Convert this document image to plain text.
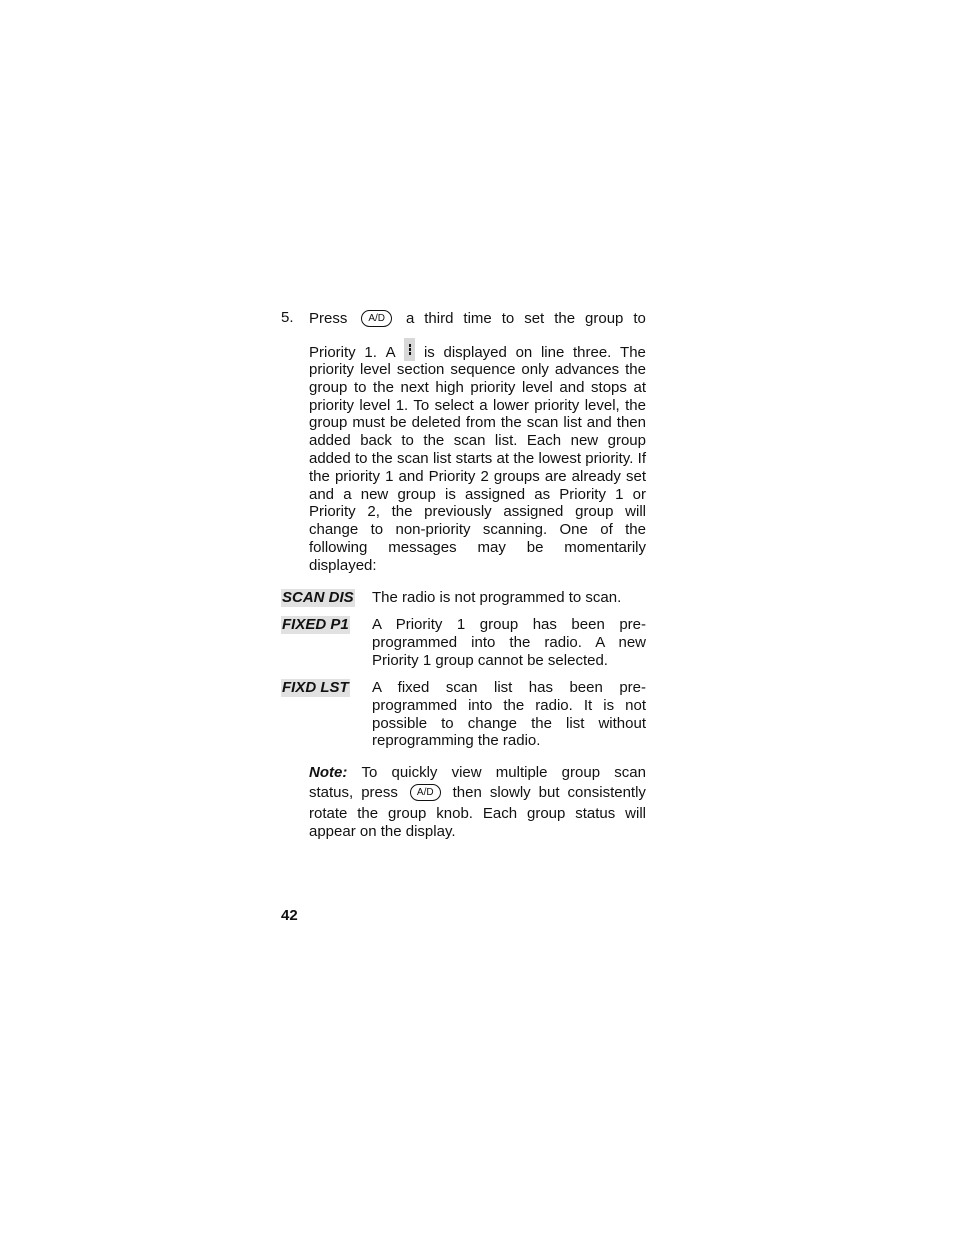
5.	Press	A/D	a third time to set the group to
Priority 1. A is displayed on line three. The

priority level section sequence only advances the group to the next high priority level and stops at priority level 1. To select a lower priority level, the group must be deleted from the scan list and then added back to the scan list. Each new group added to the scan list starts at the lowest priority. If the priority 1 and Priority 2 groups are already set and a new group is assigned as Priority 1 or Priority 2, the previously assigned group will change to non-priority scanning. One of the following messages may be momentarily displayed:

SCAN DIS The radio is not programmed to scan.
FIXED P1 A Priority 1 group has been pre-programmed into the radio. A new Priority 1 group cannot be selected.
FIXD LST A fixed scan list has been pre-programmed into the radio. It is not possible to change the list without reprogramming the radio.
Note: To quickly view multiple group scan
status, press	A/D	then slowly but consistently

rotate the group knob. Each group status will appear on the display.

42
